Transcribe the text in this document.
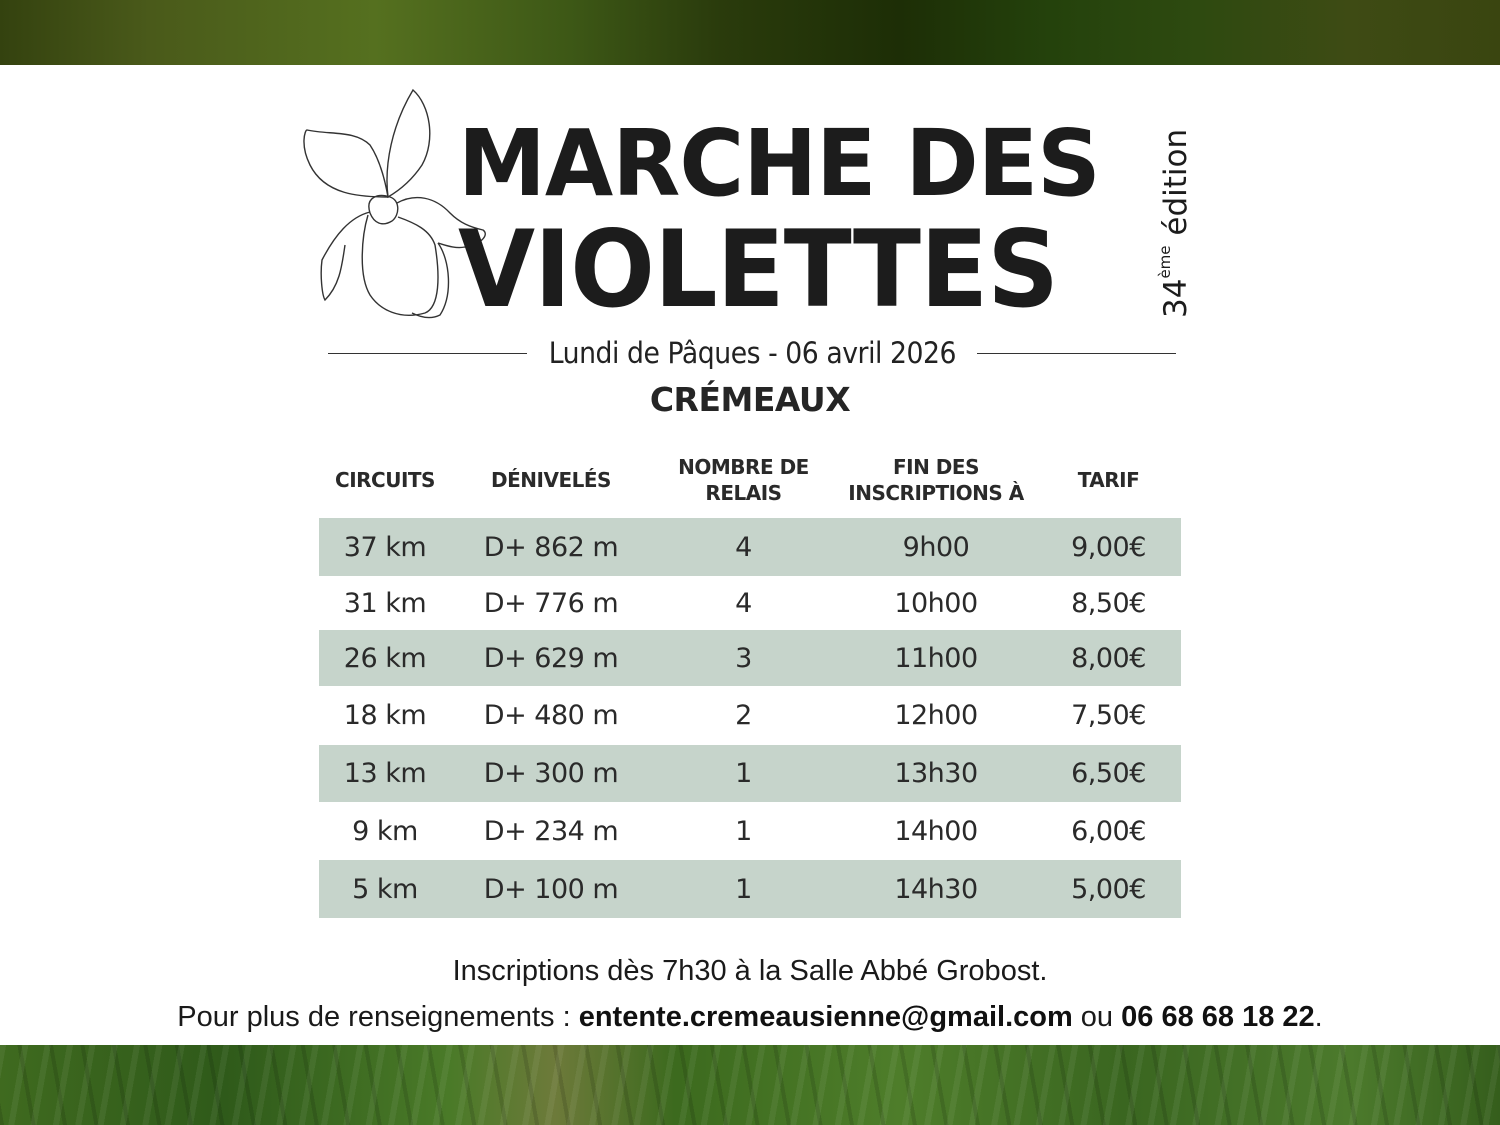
MARCHE DES
VIOLETTES	34ème édition
Lundi de Pâques - 06 avril 2026
CRÉMEAUX
CIRCUITS	DÉNIVELÉS	NOMBRE DE RELAIS	FIN DES INSCRIPTIONS À	TARIF
37 km	D+ 862 m	4	9h00	9,00€
31 km	D+ 776 m	4	10h00	8,50€
26 km	D+ 629 m	3	11h00	8,00€
18 km	D+ 480 m	2	12h00	7,50€
13 km	D+ 300 m	1	13h30	6,50€
9 km	D+ 234 m	1	14h00	6,00€
5 km	D+ 100 m	1	14h30	5,00€
Inscriptions dès 7h30 à la Salle Abbé Grobost.
Pour plus de renseignements : entente.cremeausienne@gmail.com ou 06 68 68 18 22.
